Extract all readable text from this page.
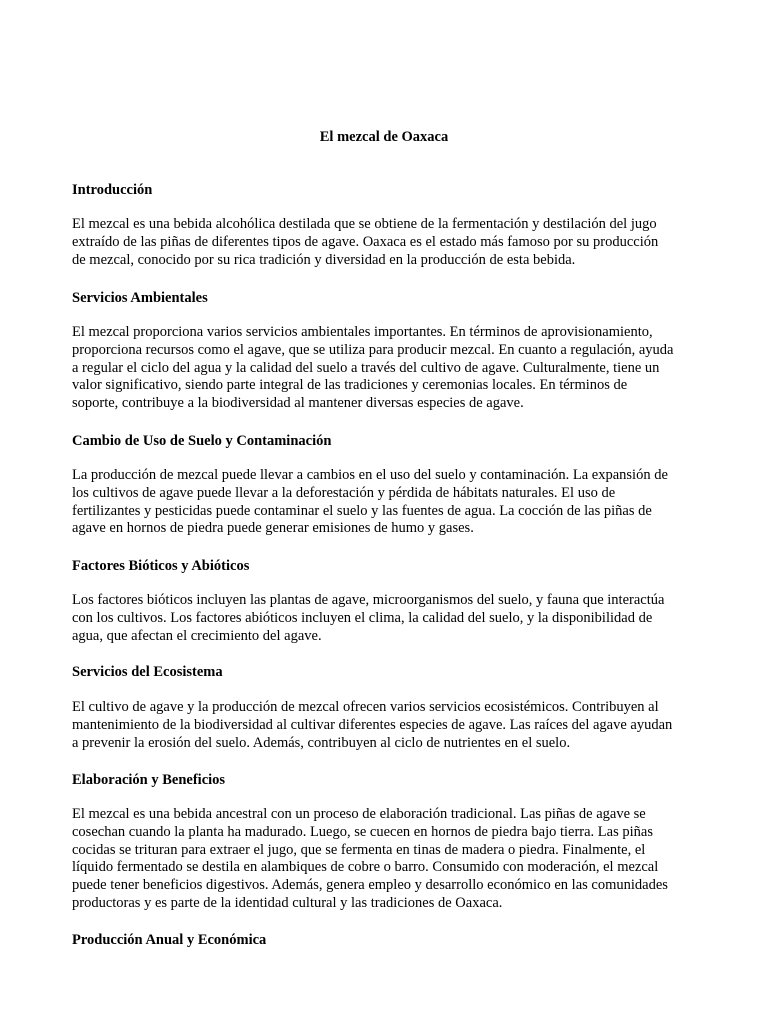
El mezcal de Oaxaca
Introducción
El mezcal es una bebida alcohólica destilada que se obtiene de la fermentación y destilación del jugo
extraído de las piñas de diferentes tipos de agave. Oaxaca es el estado más famoso por su producción
de mezcal, conocido por su rica tradición y diversidad en la producción de esta bebida.
Servicios Ambientales
El mezcal proporciona varios servicios ambientales importantes. En términos de aprovisionamiento,
proporciona recursos como el agave, que se utiliza para producir mezcal. En cuanto a regulación, ayuda
a regular el ciclo del agua y la calidad del suelo a través del cultivo de agave. Culturalmente, tiene un
valor significativo, siendo parte integral de las tradiciones y ceremonias locales. En términos de
soporte, contribuye a la biodiversidad al mantener diversas especies de agave.
Cambio de Uso de Suelo y Contaminación
La producción de mezcal puede llevar a cambios en el uso del suelo y contaminación. La expansión de
los cultivos de agave puede llevar a la deforestación y pérdida de hábitats naturales. El uso de
fertilizantes y pesticidas puede contaminar el suelo y las fuentes de agua. La cocción de las piñas de
agave en hornos de piedra puede generar emisiones de humo y gases.
Factores Bióticos y Abióticos
Los factores bióticos incluyen las plantas de agave, microorganismos del suelo, y fauna que interactúa
con los cultivos. Los factores abióticos incluyen el clima, la calidad del suelo, y la disponibilidad de
agua, que afectan el crecimiento del agave.
Servicios del Ecosistema
El cultivo de agave y la producción de mezcal ofrecen varios servicios ecosistémicos. Contribuyen al
mantenimiento de la biodiversidad al cultivar diferentes especies de agave. Las raíces del agave ayudan
a prevenir la erosión del suelo. Además, contribuyen al ciclo de nutrientes en el suelo.
Elaboración y Beneficios
El mezcal es una bebida ancestral con un proceso de elaboración tradicional. Las piñas de agave se
cosechan cuando la planta ha madurado. Luego, se cuecen en hornos de piedra bajo tierra. Las piñas
cocidas se trituran para extraer el jugo, que se fermenta en tinas de madera o piedra. Finalmente, el
líquido fermentado se destila en alambiques de cobre o barro. Consumido con moderación, el mezcal
puede tener beneficios digestivos. Además, genera empleo y desarrollo económico en las comunidades
productoras y es parte de la identidad cultural y las tradiciones de Oaxaca.
Producción Anual y Económica
